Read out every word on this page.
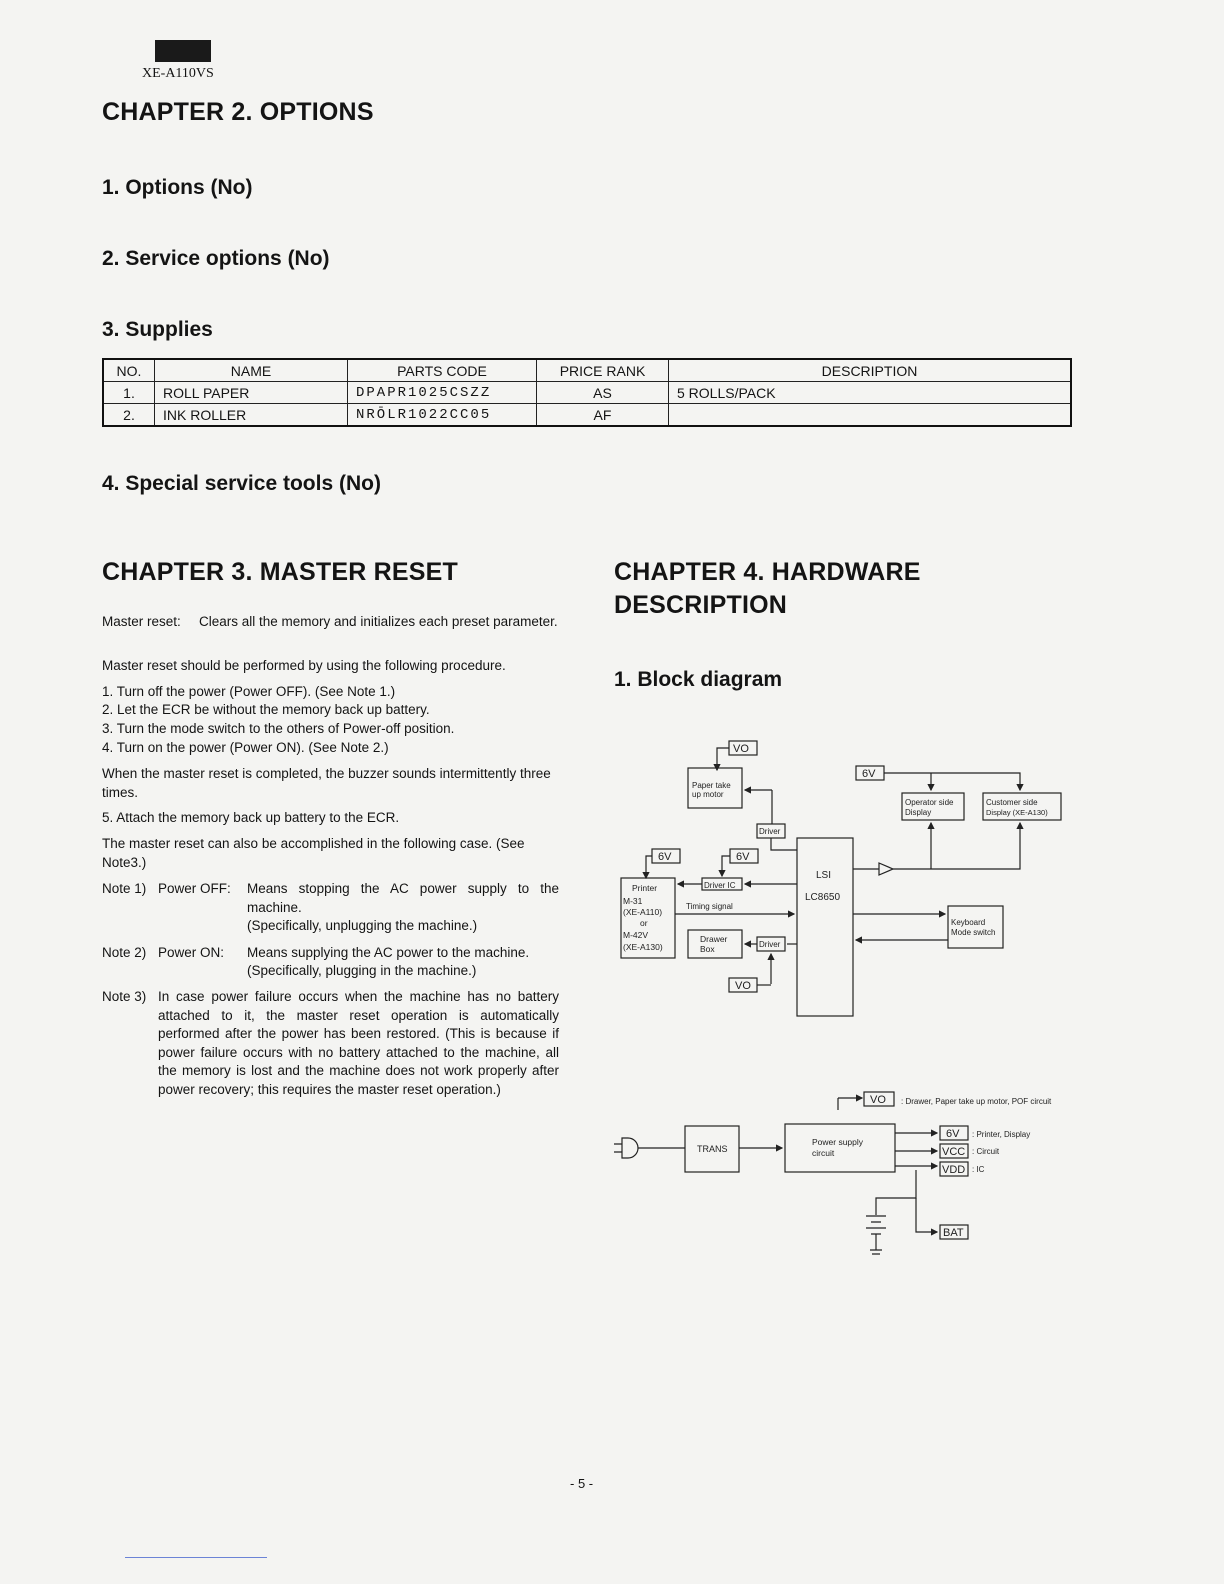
XE-A110VS
CHAPTER 2. OPTIONS
1. Options (No)
2. Service options (No)
3. Supplies
NO.	NAME	PARTS CODE	PRICE RANK	DESCRIPTION
1.	ROLL PAPER	DPAPR1025CSZZ	AS	5 ROLLS/PACK
2.	INK ROLLER	NRŌLR1022CC05	AF	
4. Special service tools (No)
CHAPTER 3. MASTER RESET
Master reset: Clears all the memory and initializes each preset parameter.
Master reset should be performed by using the following procedure.
1. Turn off the power (Power OFF). (See Note 1.)
2. Let the ECR be without the memory back up battery.
3. Turn the mode switch to the others of Power-off position.
4. Turn on the power (Power ON). (See Note 2.)
When the master reset is completed, the buzzer sounds intermittently three times.
5. Attach the memory back up battery to the ECR.
The master reset can also be accomplished in the following case. (See Note3.)
Note 1) Power OFF: Means stopping the AC power supply to the machine.
(Specifically, unplugging the machine.)
Note 2) Power ON: Means supplying the AC power to the machine.
(Specifically, plugging in the machine.)
Note 3) In case power failure occurs when the machine has no battery attached to it, the master reset operation is automatically performed after the power has been restored. (This is because if power failure occurs with no battery attached to the machine, all the memory is lost and the machine does not work properly after power recovery; this requires the master reset operation.)
CHAPTER 4. HARDWARE
DESCRIPTION
1. Block diagram
VO
Paper take
up motor
Driver
6V	6V
LSI
LC8650
Driver IC
Printer
M-31
(XE-A110)
or
M-42V
(XE-A130)
Timing signal
Drawer
Box	Driver
VO
6V
Operator side
Display
Customer side
Display (XE-A130)
Keyboard
Mode switch
VO : Drawer, Paper take up motor, POF circuit
TRANS
Power supply
circuit
6V
VCC
VDD
: Printer, Display
: Circuit
: IC
BAT
- 5 -
